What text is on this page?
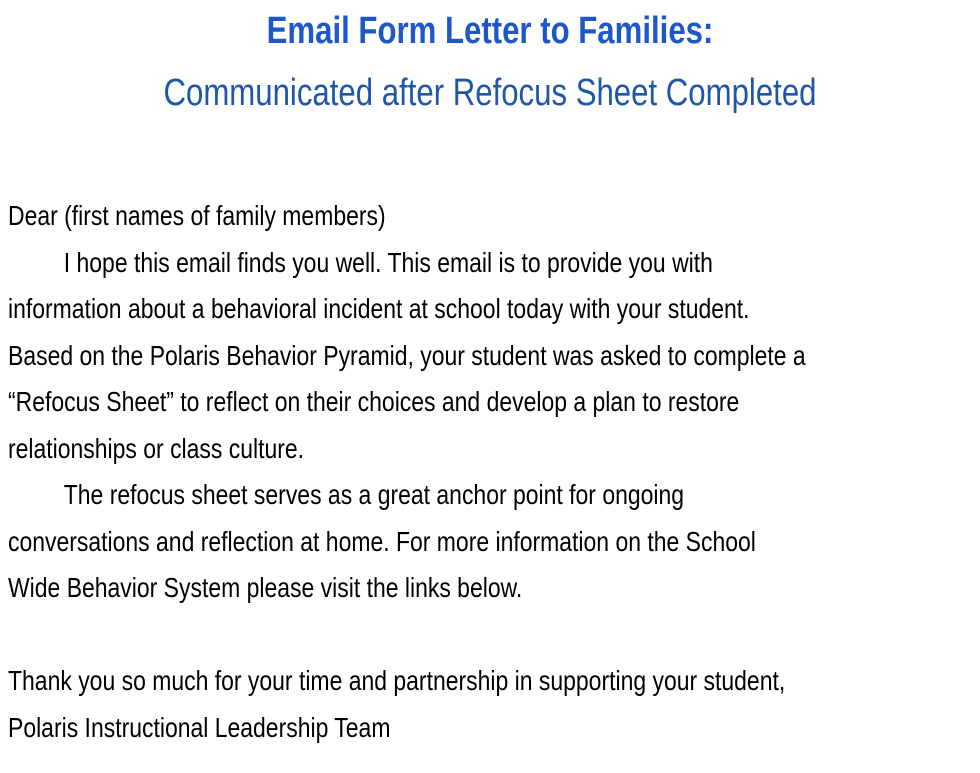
Email Form Letter to Families:
Communicated after Refocus Sheet Completed
Dear (first names of family members)
I hope this email finds you well. This email is to provide you with
information about a behavioral incident at school today with your student.
Based on the Polaris Behavior Pyramid, your student was asked to complete a
“Refocus Sheet” to reflect on their choices and develop a plan to restore
relationships or class culture.
The refocus sheet serves as a great anchor point for ongoing
conversations and reflection at home. For more information on the School
Wide Behavior System please visit the links below.
Thank you so much for your time and partnership in supporting your student,
Polaris Instructional Leadership Team
